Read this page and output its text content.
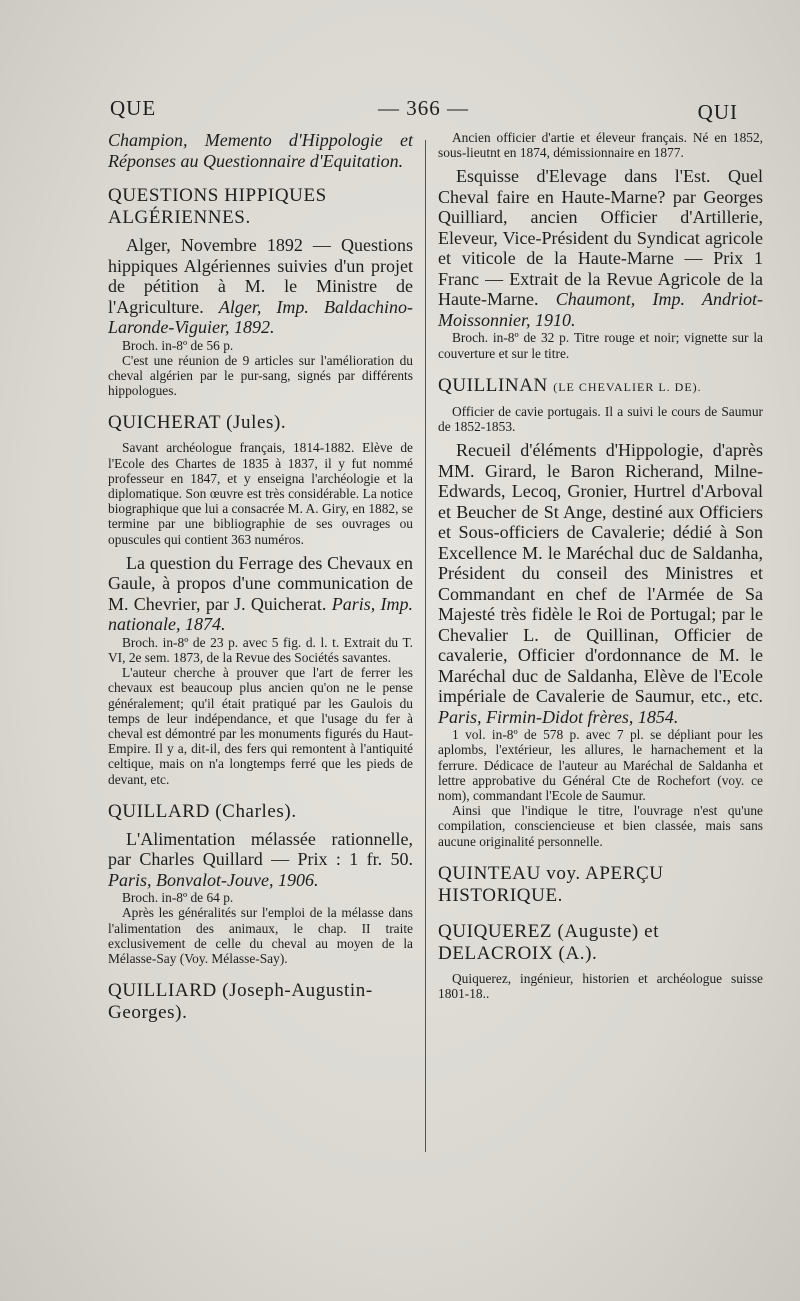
QUE	— 366 —	QUI

Champion, Memento d'Hippologie et Réponses au Questionnaire d'Equitation.

QUESTIONS HIPPIQUES ALGÉRIENNES.

Alger, Novembre 1892 — Questions hippiques Algériennes suivies d'un projet de pétition à M. le Ministre de l'Agriculture. Alger, Imp. Baldachino-Laronde-Viguier, 1892.

Broch. in-8º de 56 p.

C'est une réunion de 9 articles sur l'amélioration du cheval algérien par le pur-sang, signés par différents hippologues.

QUICHERAT (Jules).

Savant archéologue français, 1814-1882. Elève de l'Ecole des Chartes de 1835 à 1837, il y fut nommé professeur en 1847, et y enseigna l'archéologie et la diplomatique. Son œuvre est très considérable. La notice biographique que lui a consacrée M. A. Giry, en 1882, se termine par une bibliographie de ses ouvrages ou opuscules qui contient 363 numéros.

La question du Ferrage des Chevaux en Gaule, à propos d'une communication de M. Chevrier, par J. Quicherat. Paris, Imp. nationale, 1874.

Broch. in-8º de 23 p. avec 5 fig. d. l. t. Extrait du T. VI, 2e sem. 1873, de la Revue des Sociétés savantes.

L'auteur cherche à prouver que l'art de ferrer les chevaux est beaucoup plus ancien qu'on ne le pense généralement; qu'il était pratiqué par les Gaulois du temps de leur indépendance, et que l'usage du fer à cheval est démontré par les monuments figurés du Haut-Empire. Il y a, dit-il, des fers qui remontent à l'antiquité celtique, mais on n'a longtemps ferré que les pieds de devant, etc.

QUILLARD (Charles).

L'Alimentation mélassée rationnelle, par Charles Quillard — Prix : 1 fr. 50. Paris, Bonvalot-Jouve, 1906.

Broch. in-8º de 64 p.

Après les généralités sur l'emploi de la mélasse dans l'alimentation des animaux, le chap. II traite exclusivement de celle du cheval au moyen de la Mélasse-Say (Voy. Mélasse-Say).

QUILLIARD (Joseph-Augustin-Georges).

Ancien officier d'artie et éleveur français. Né en 1852, sous-lieutnt en 1874, démissionnaire en 1877.

Esquisse d'Elevage dans l'Est. Quel Cheval faire en Haute-Marne? par Georges Quilliard, ancien Officier d'Artillerie, Eleveur, Vice-Président du Syndicat agricole et viticole de la Haute-Marne — Prix 1 Franc — Extrait de la Revue Agricole de la Haute-Marne. Chaumont, Imp. Andriot-Moissonnier, 1910.

Broch. in-8º de 32 p. Titre rouge et noir; vignette sur la couverture et sur le titre.

QUILLINAN (LE CHEVALIER L. DE).

Officier de cavie portugais. Il a suivi le cours de Saumur de 1852-1853.

Recueil d'éléments d'Hippologie, d'après MM. Girard, le Baron Richerand, Milne-Edwards, Lecoq, Gronier, Hurtrel d'Arboval et Beucher de St Ange, destiné aux Officiers et Sous-officiers de Cavalerie; dédié à Son Excellence M. le Maréchal duc de Saldanha, Président du conseil des Ministres et Commandant en chef de l'Armée de Sa Majesté très fidèle le Roi de Portugal; par le Chevalier L. de Quillinan, Officier de cavalerie, Officier d'ordonnance de M. le Maréchal duc de Saldanha, Elève de l'Ecole impériale de Cavalerie de Saumur, etc., etc. Paris, Firmin-Didot frères, 1854.

1 vol. in-8º de 578 p. avec 7 pl. se dépliant pour les aplombs, l'extérieur, les allures, le harnachement et la ferrure. Dédicace de l'auteur au Maréchal de Saldanha et lettre approbative du Général Cte de Rochefort (voy. ce nom), commandant l'Ecole de Saumur.

Ainsi que l'indique le titre, l'ouvrage n'est qu'une compilation, consciencieuse et bien classée, mais sans aucune originalité personnelle.

QUINTEAU voy. APERÇU HISTORIQUE.
QUIQUEREZ (Auguste) et DELACROIX (A.).

Quiquerez, ingénieur, historien et archéologue suisse 1801-18..
